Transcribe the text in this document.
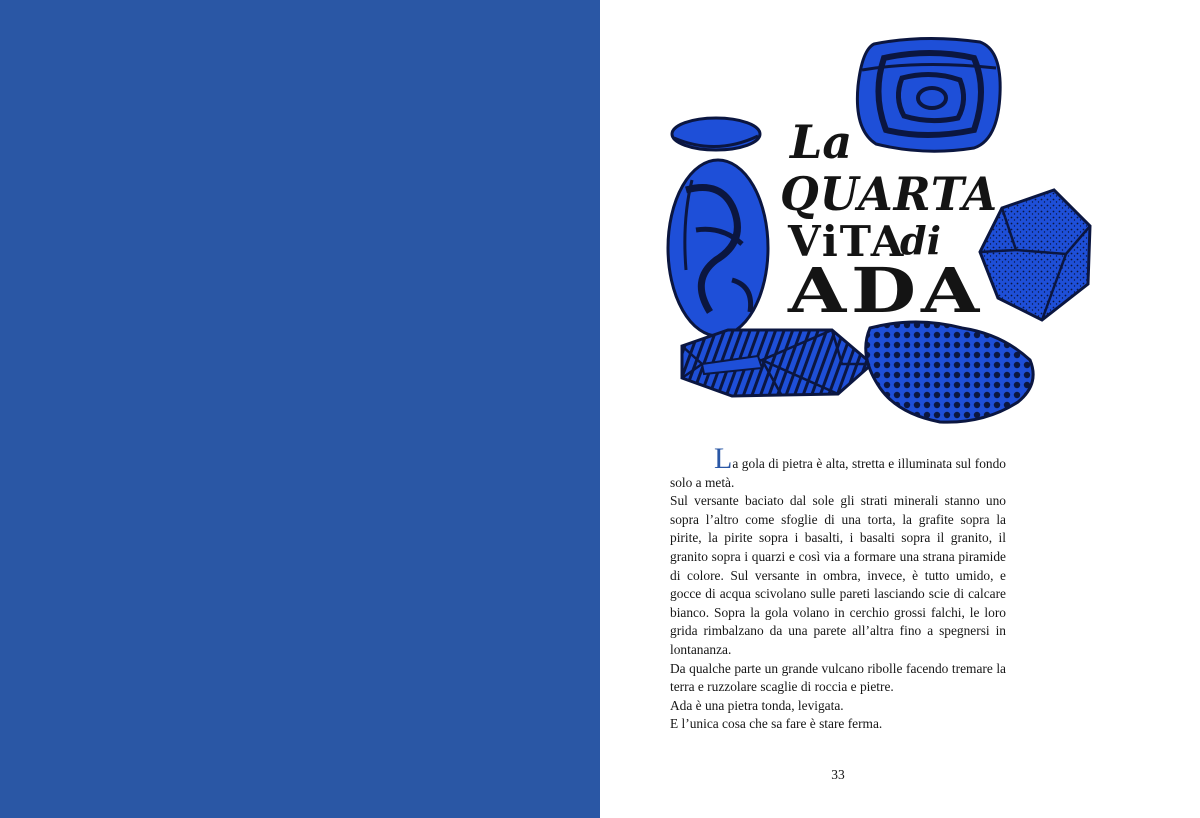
La
QUARTA
ViTA
di
ADA

La gola di pietra è alta, stretta e illuminata sul fondo solo a metà.

Sul versante baciato dal sole gli strati minerali stanno uno sopra l’altro come sfoglie di una torta, la grafite sopra la pirite, la pirite sopra i basalti, i basalti sopra il granito, il granito sopra i quarzi e così via a formare una strana piramide di colore. Sul versante in ombra, invece, è tutto umido, e gocce di acqua scivolano sulle pareti lasciando scie di calcare bianco. Sopra la gola volano in cerchio grossi falchi, le loro grida rimbalzano da una parete all’altra fino a spegnersi in lontananza.

Da qualche parte un grande vulcano ribolle facendo tremare la terra e ruzzolare scaglie di roccia e pietre.

Ada è una pietra tonda, levigata.

E l’unica cosa che sa fare è stare ferma.

33
